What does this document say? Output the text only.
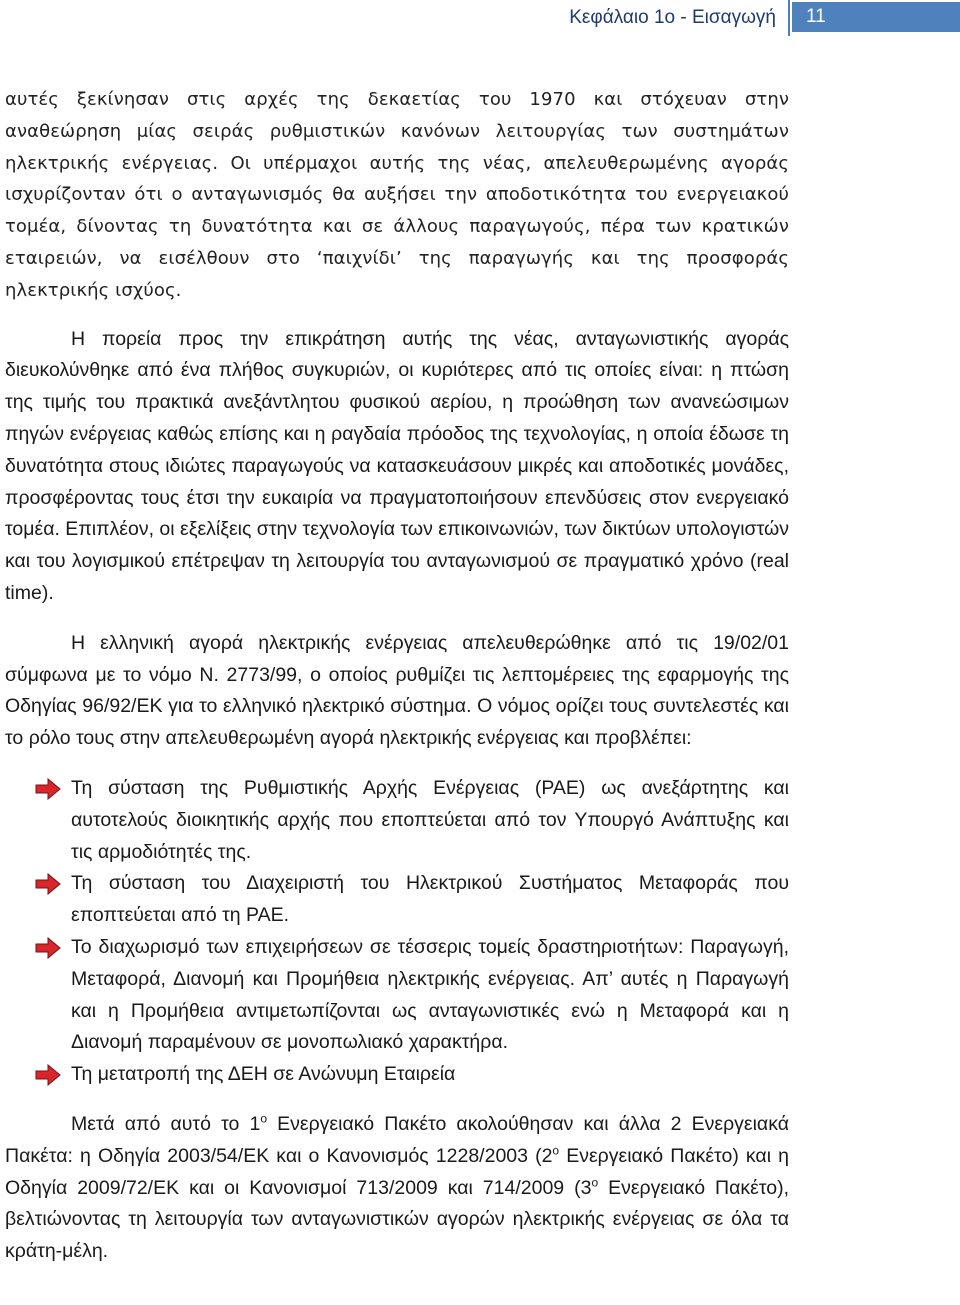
Κεφάλαιο 1ο - Εισαγωγή	11

αυτές ξεκίνησαν στις αρχές της δεκαετίας του 1970 και στόχευαν στην αναθεώρηση μίας σειράς ρυθμιστικών κανόνων λειτουργίας των συστημάτων ηλεκτρικής ενέργειας. Οι υπέρμαχοι αυτής της νέας, απελευθερωμένης αγοράς ισχυρίζονταν ότι ο ανταγωνισμός θα αυξήσει την αποδοτικότητα του ενεργειακού τομέα, δίνοντας τη δυνατότητα και σε άλλους παραγωγούς, πέρα των κρατικών εταιρειών, να εισέλθουν στο ‘παιχνίδι’ της παραγωγής και της προσφοράς ηλεκτρικής ισχύος.

Η πορεία προς την επικράτηση αυτής της νέας, ανταγωνιστικής αγοράς διευκολύνθηκε από ένα πλήθος συγκυριών, οι κυριότερες από τις οποίες είναι: η πτώση της τιμής του πρακτικά ανεξάντλητου φυσικού αερίου, η προώθηση των ανανεώσιμων πηγών ενέργειας καθώς επίσης και η ραγδαία πρόοδος της τεχνολογίας, η οποία έδωσε τη δυνατότητα στους ιδιώτες παραγωγούς να κατασκευάσουν μικρές και αποδοτικές μονάδες, προσφέροντας τους έτσι την ευκαιρία να πραγματοποιήσουν επενδύσεις στον ενεργειακό τομέα. Επιπλέον, οι εξελίξεις στην τεχνολογία των επικοινωνιών, των δικτύων υπολογιστών και του λογισμικού επέτρεψαν τη λειτουργία του ανταγωνισμού σε πραγματικό χρόνο (real time).

Η ελληνική αγορά ηλεκτρικής ενέργειας απελευθερώθηκε από τις 19/02/01 σύμφωνα με το νόμο Ν. 2773/99, ο οποίος ρυθμίζει τις λεπτομέρειες της εφαρμογής της Οδηγίας 96/92/ΕΚ για το ελληνικό ηλεκτρικό σύστημα. Ο νόμος ορίζει τους συντελεστές και το ρόλο τους στην απελευθερωμένη αγορά ηλεκτρικής ενέργειας και προβλέπει:

Τη σύσταση της Ρυθμιστικής Αρχής Ενέργειας (ΡΑΕ) ως ανεξάρτητης και αυτοτελούς διοικητικής αρχής που εποπτεύεται από τον Υπουργό Ανάπτυξης και τις αρμοδιότητές της.
Τη σύσταση του Διαχειριστή του Ηλεκτρικού Συστήματος Μεταφοράς που εποπτεύεται από τη ΡΑΕ.
Το διαχωρισμό των επιχειρήσεων σε τέσσερις τομείς δραστηριοτήτων: Παραγωγή, Μεταφορά, Διανομή και Προμήθεια ηλεκτρικής ενέργειας. Απ’ αυτές η Παραγωγή και η Προμήθεια αντιμετωπίζονται ως ανταγωνιστικές ενώ η Μεταφορά και η Διανομή παραμένουν σε μονοπωλιακό χαρακτήρα.
Τη μετατροπή της ΔΕΗ σε Ανώνυμη Εταιρεία

Μετά από αυτό το $1^o$ Ενεργειακό Πακέτο ακολούθησαν και άλλα 2 Ενεργειακά Πακέτα: η Οδηγία 2003/54/ΕΚ και ο Κανονισμός 1228/2003 ($2^o$ Ενεργειακό Πακέτο) και η Οδηγία 2009/72/ΕΚ και οι Κανονισμοί 713/2009 και 714/2009 ($3^o$ Ενεργειακό Πακέτο), βελτιώνοντας τη λειτουργία των ανταγωνιστικών αγορών ηλεκτρικής ενέργειας σε όλα τα κράτη-μέλη.
